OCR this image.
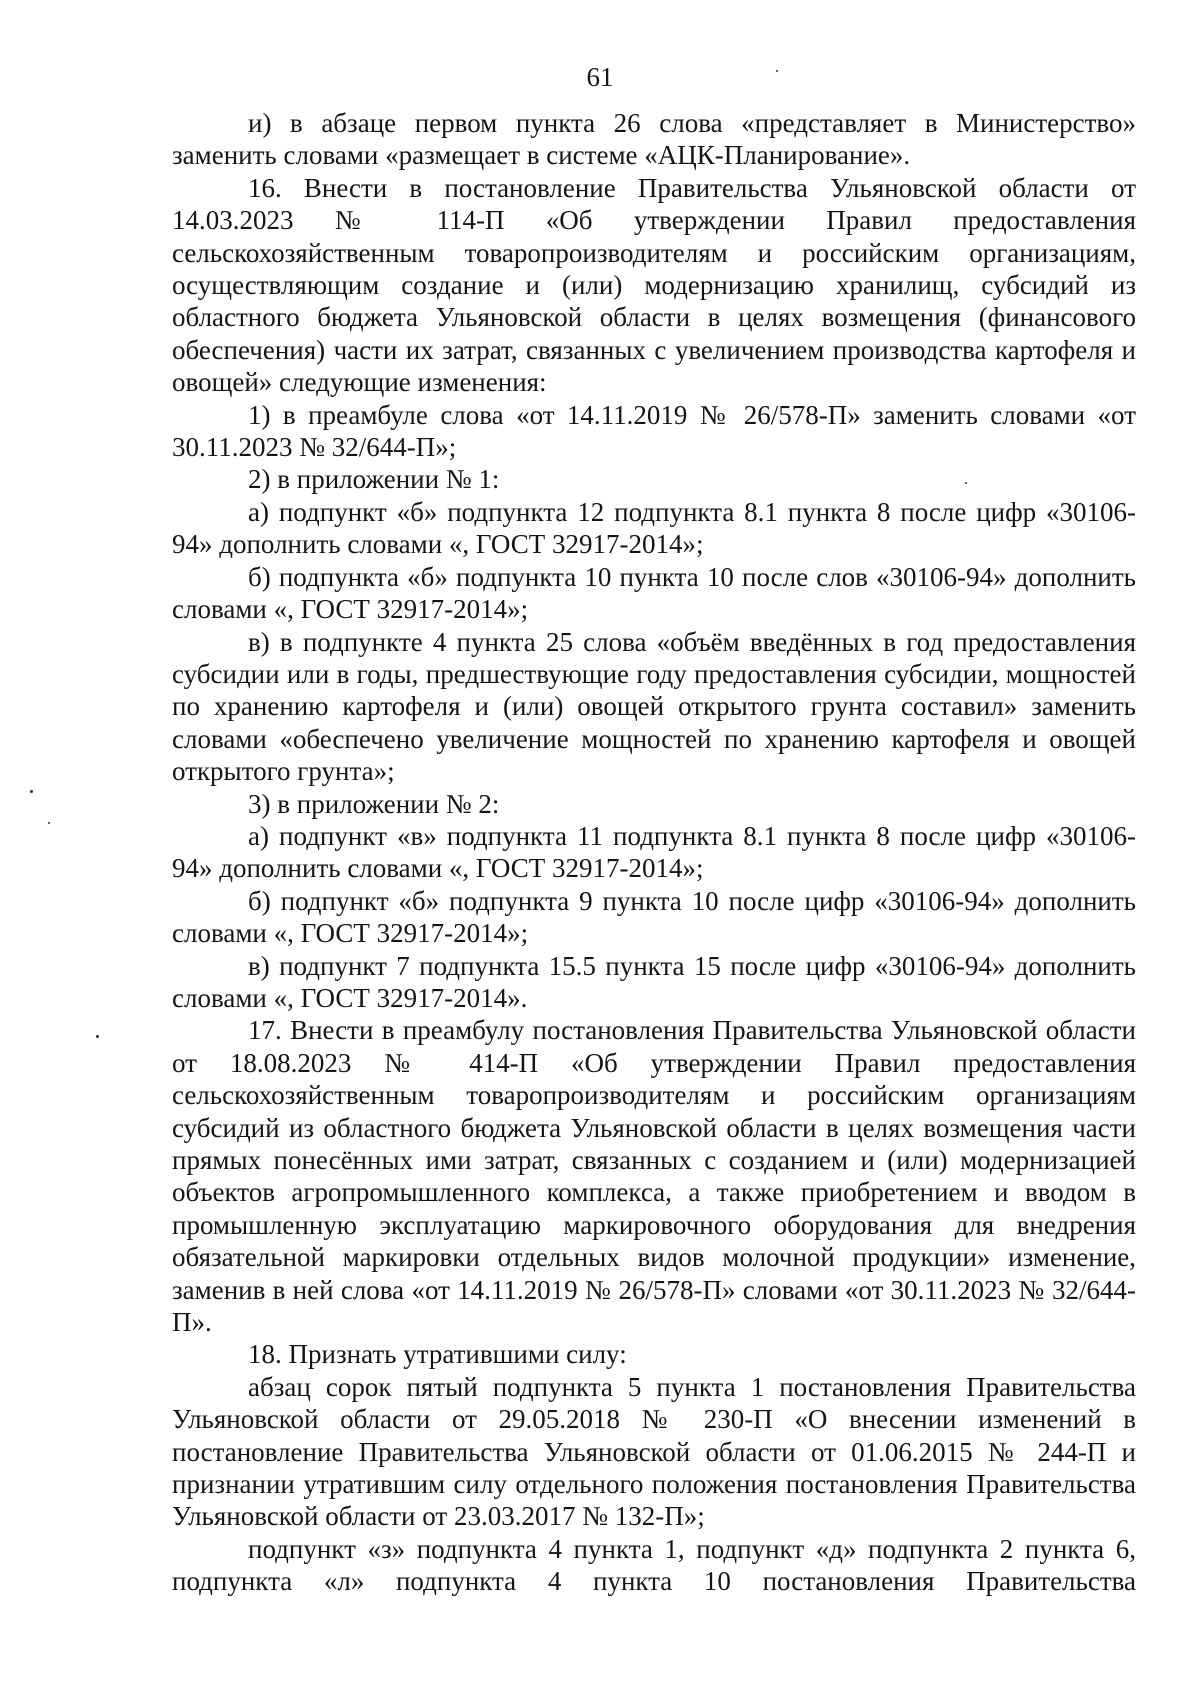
61

и) в абзаце первом пункта 26 слова «представляет в Министерство» заменить словами «размещает в системе «АЦК-Планирование».

16. Внести в постановление Правительства Ульяновской области от 14.03.2023 № 114-П «Об утверждении Правил предоставления сельскохозяйственным товаропроизводителям и российским организациям, осуществляющим создание и (или) модернизацию хранилищ, субсидий из областного бюджета Ульяновской области в целях возмещения (финансового обеспечения) части их затрат, связанных с увеличением производства картофеля и овощей» следующие изменения:

1) в преамбуле слова «от 14.11.2019 № 26/578-П» заменить словами «от 30.11.2023 № 32/644-П»;

2) в приложении № 1:

а) подпункт «б» подпункта 12 подпункта 8.1 пункта 8 после цифр «30106-94» дополнить словами «, ГОСТ 32917-2014»;

б) подпункта «б» подпункта 10 пункта 10 после слов «30106-94» дополнить словами «, ГОСТ 32917-2014»;

в) в подпункте 4 пункта 25 слова «объём введённых в год предоставления субсидии или в годы, предшествующие году предоставления субсидии, мощностей по хранению картофеля и (или) овощей открытого грунта составил» заменить словами «обеспечено увеличение мощностей по хранению картофеля и овощей открытого грунта»;

3) в приложении № 2:

а) подпункт «в» подпункта 11 подпункта 8.1 пункта 8 после цифр «30106-94» дополнить словами «, ГОСТ 32917-2014»;

б) подпункт «б» подпункта 9 пункта 10 после цифр «30106-94» дополнить словами «, ГОСТ 32917-2014»;

в) подпункт 7 подпункта 15.5 пункта 15 после цифр «30106-94» дополнить словами «, ГОСТ 32917-2014».

17. Внести в преамбулу постановления Правительства Ульяновской области от 18.08.2023 № 414-П «Об утверждении Правил предоставления сельскохозяйственным товаропроизводителям и российским организациям субсидий из областного бюджета Ульяновской области в целях возмещения части прямых понесённых ими затрат, связанных с созданием и (или) модернизацией объектов агропромышленного комплекса, а также приобретением и вводом в промышленную эксплуатацию маркировочного оборудования для внедрения обязательной маркировки отдельных видов молочной продукции» изменение, заменив в ней слова «от 14.11.2019 № 26/578-П» словами «от 30.11.2023 № 32/644-П».

18. Признать утратившими силу:

абзац сорок пятый подпункта 5 пункта 1 постановления Правительства Ульяновской области от 29.05.2018 № 230-П «О внесении изменений в постановление Правительства Ульяновской области от 01.06.2015 № 244-П и признании утратившим силу отдельного положения постановления Правительства Ульяновской области от 23.03.2017 № 132-П»;

подпункт «з» подпункта 4 пункта 1, подпункт «д» подпункта 2 пункта 6,

подпункта «л» подпункта 4 пункта 10 постановления Правительства
